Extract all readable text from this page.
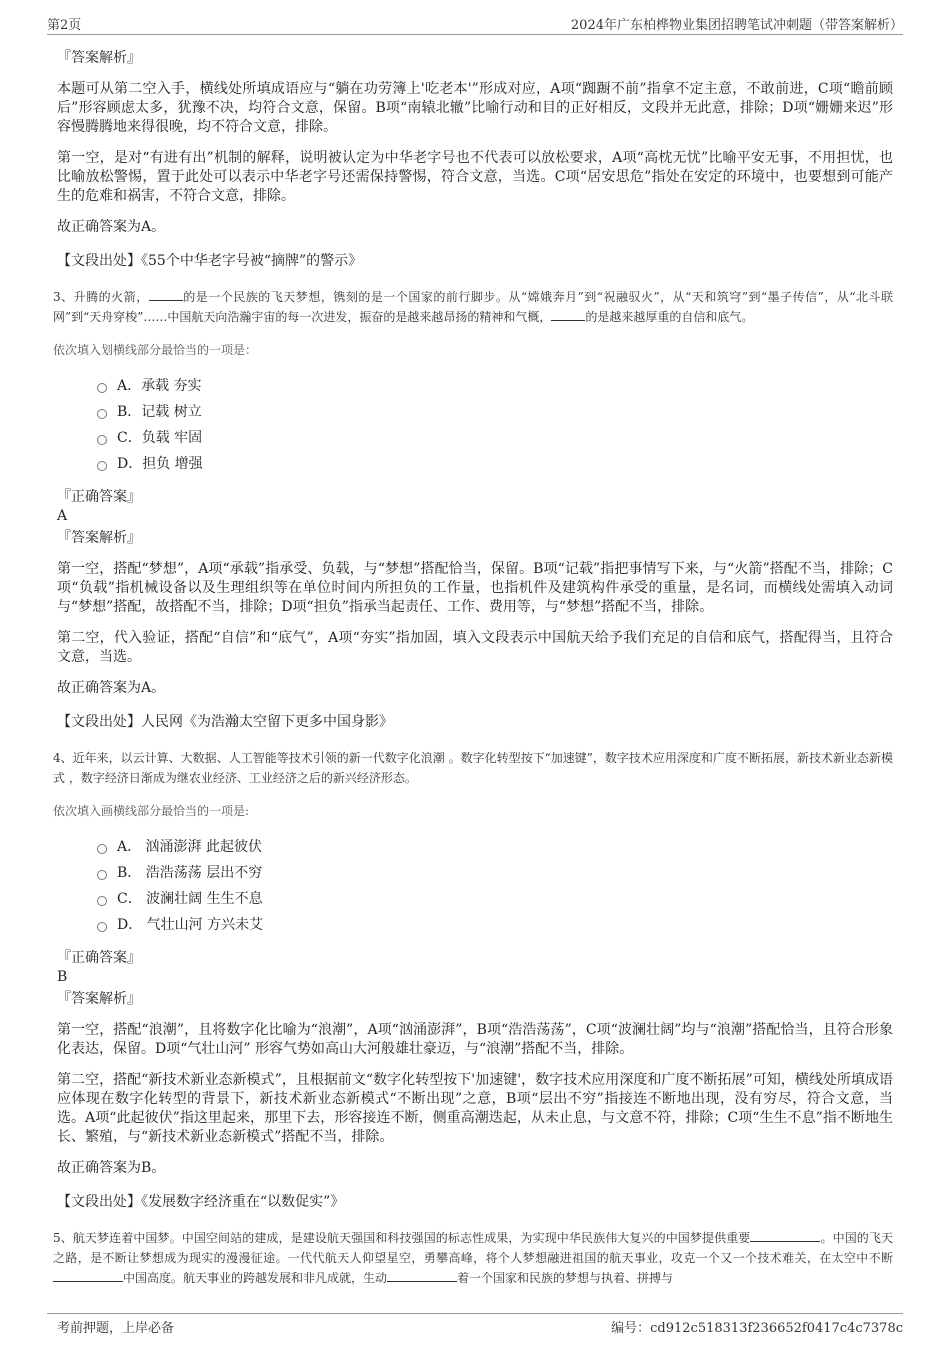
第2页	2024年广东柏桦物业集团招聘笔试冲刺题（带答案解析）

『答案解析』

本题可从第二空入手，横线处所填成语应与“躺在功劳簿上'吃老本'”形成对应，A项“踟蹰不前”指拿不定主意，不敢前进，C项“瞻前顾后”形容顾虑太多，犹豫不决，均符合文意，保留。B项“南辕北辙”比喻行动和目的正好相反，文段并无此意，排除；D项“姗姗来迟”形容慢腾腾地来得很晚，均不符合文意，排除。

第一空，是对“有进有出”机制的解释，说明被认定为中华老字号也不代表可以放松要求，A项“高枕无忧”比喻平安无事，不用担忧，也比喻放松警惕，置于此处可以表示中华老字号还需保持警惕，符合文意，当选。C项“居安思危”指处在安定的环境中，也要想到可能产生的危难和祸害，不符合文意，排除。

故正确答案为A。

【文段出处】《55个中华老字号被“摘牌”的警示》

3、升腾的火箭，	的是一个民族的飞天梦想，镌刻的是一个国家的前行脚步。从“嫦娥奔月”到“祝融驭火”，从“天和筑穹”到“墨子传信”，从“北斗联网”到“天舟穿梭”……中国航天向浩瀚宇宙的每一次进发，振奋的是越来越昂扬的精神和气概，	的是越来越厚重的自信和底气。

依次填入划横线部分最恰当的一项是：

A．承载 夯实
B．记载 树立
C．负载 牢固
D．担负 增强

『正确答案』

A

『答案解析』

第一空，搭配“梦想”，A项“承载”指承受、负载，与“梦想”搭配恰当，保留。B项“记载”指把事情写下来，与“火箭”搭配不当，排除；C项“负载”指机械设备以及生理组织等在单位时间内所担负的工作量，也指机件及建筑构件承受的重量，是名词，而横线处需填入动词与“梦想”搭配，故搭配不当，排除；D项“担负”指承当起责任、工作、费用等，与“梦想”搭配不当，排除。

第二空，代入验证，搭配“自信”和“底气”，A项“夯实”指加固，填入文段表示中国航天给予我们充足的自信和底气，搭配得当，且符合文意，当选。

故正确答案为A。

【文段出处】人民网《为浩瀚太空留下更多中国身影》

4、近年来，以云计算、大数据、人工智能等技术引领的新一代数字化浪潮 。数字化转型按下“加速键”，数字技术应用深度和广度不断拓展，新技术新业态新模式 ，数字经济日渐成为继农业经济、工业经济之后的新兴经济形态。

依次填入画横线部分最恰当的一项是:

A． 汹涌澎湃 此起彼伏
B． 浩浩荡荡 层出不穷
C． 波澜壮阔 生生不息
D． 气壮山河 方兴未艾

『正确答案』

B

『答案解析』

第一空，搭配“浪潮”，且将数字化比喻为“浪潮”，A项“汹涌澎湃”，B项“浩浩荡荡”，C项“波澜壮阔”均与“浪潮”搭配恰当，且符合形象化表达，保留。D项“气壮山河” 形容气势如高山大河般雄壮豪迈，与“浪潮”搭配不当，排除。

第二空，搭配“新技术新业态新模式”，且根据前文“数字化转型按下'加速键'，数字技术应用深度和广度不断拓展”可知，横线处所填成语应体现在数字化转型的背景下，新技术新业态新模式“不断出现”之意，B项“层出不穷”指接连不断地出现，没有穷尽，符合文意，当选。A项“此起彼伏”指这里起来，那里下去，形容接连不断，侧重高潮迭起，从未止息，与文意不符，排除；C项“生生不息”指不断地生长、繁殖，与“新技术新业态新模式”搭配不当，排除。

故正确答案为B。

【文段出处】《发展数字经济重在“以数促实”》

5、航天梦连着中国梦。中国空间站的建成，是建设航天强国和科技强国的标志性成果，为实现中华民族伟大复兴的中国梦提供重要	。中国的飞天之路，是不断让梦想成为现实的漫漫征途。一代代航天人仰望星空，勇攀高峰，将个人梦想融进祖国的航天事业，攻克一个又一个技术难关，在太空中不断中国高度。航天事业的跨越发展和非凡成就，生动	着一个国家和民族的梦想与执着、拼搏与

考前押题，上岸必备	编号：cd912c518313f236652f0417c4c7378c
